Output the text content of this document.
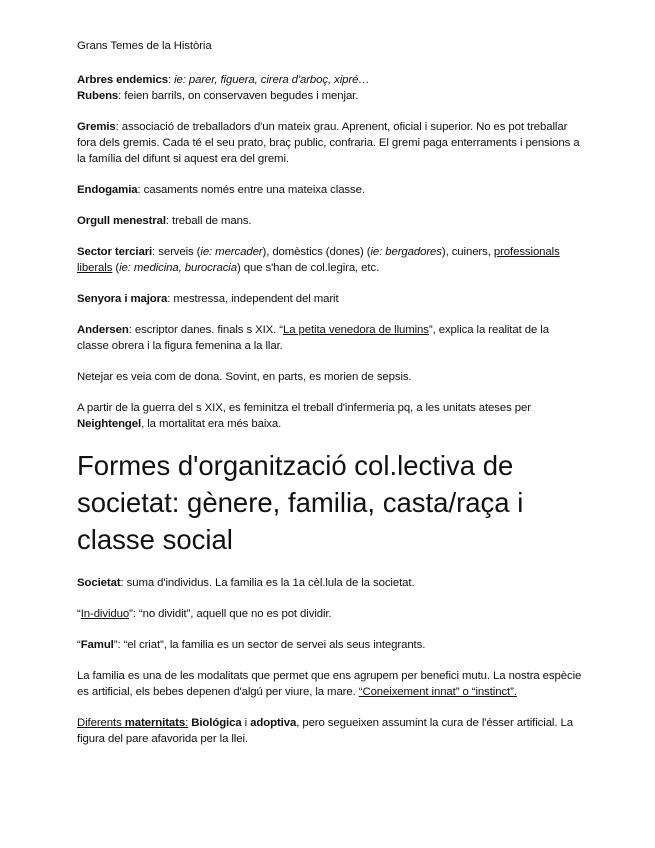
Grans Temes de la Història

Arbres endemics: ie: parer, figuera, cirera d'arboç, xipré…

Rubens: feien barrils, on conservaven begudes i menjar.

Gremis: associació de treballadors d'un mateix grau. Aprenent, oficial i superior. No es pot treballar fora dels gremis. Cada té el seu prato, braç public, confraria. El gremi paga enterraments i pensions a la família del difunt si aquest era del gremi.

Endogamia: casaments només entre una mateixa classe.

Orgull menestral: treball de mans.

Sector terciari: serveis (ie: mercader), domèstics (dones) (ie: bergadores), cuiners, professionals liberals (ie: medicina, burocracia) que s'han de col.legira, etc.

Senyora i majora: mestressa, independent del marit

Andersen: escriptor danes. finals s XIX. “La petita venedora de llumins”, explica la realitat de la classe obrera i la figura femenina a la llar.

Netejar es veia com de dona. Sovint, en parts, es morien de sepsis.

A partir de la guerra del s XIX, es feminitza el treball d'infermeria pq, a les unitats ateses per Neightengel, la mortalitat era més baixa.

Formes d'organització col.lectiva de societat: gènere, familia, casta/raça i classe social

Societat: suma d'individus. La familia es la 1a cèl.lula de la societat.

“In-dividuo”: “no dividit”, aquell que no es pot dividir.

“Famul”: “el criat”, la familia es un sector de servei als seus integrants.

La familia es una de les modalitats que permet que ens agrupem per benefici mutu. La nostra espècie es artificial, els bebes depenen d'algú per viure, la mare. “Coneixement innat” o “instinct”.

Diferents maternitats: Biológica i adoptiva, pero segueixen assumint la cura de l'ésser artificial. La figura del pare afavorida per la llei.
